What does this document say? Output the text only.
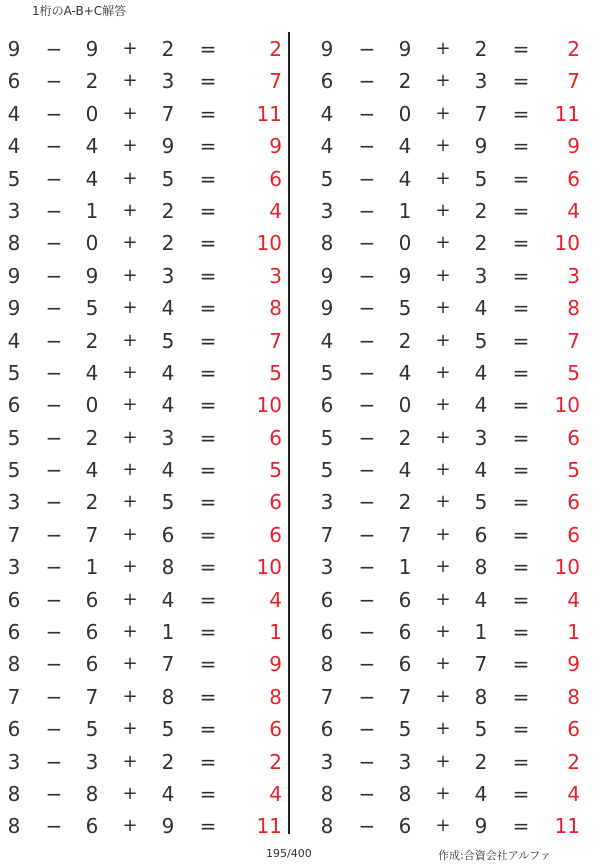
1桁のA-B+C解答
9	−	9	+	2	=	2
6	−	2	+	3	=	7
4	−	0	+	7	=	11
4	−	4	+	9	=	9
5	−	4	+	5	=	6
3	−	1	+	2	=	4
8	−	0	+	2	=	10
9	−	9	+	3	=	3
9	−	5	+	4	=	8
4	−	2	+	5	=	7
5	−	4	+	4	=	5
6	−	0	+	4	=	10
5	−	2	+	3	=	6
5	−	4	+	4	=	5
3	−	2	+	5	=	6
7	−	7	+	6	=	6
3	−	1	+	8	=	10
6	−	6	+	4	=	4
6	−	6	+	1	=	1
8	−	6	+	7	=	9
7	−	7	+	8	=	8
6	−	5	+	5	=	6
3	−	3	+	2	=	2
8	−	8	+	4	=	4
8	−	6	+	9	=	11
9	−	9	+	2	=	2
6	−	2	+	3	=	7
4	−	0	+	7	=	11
4	−	4	+	9	=	9
5	−	4	+	5	=	6
3	−	1	+	2	=	4
8	−	0	+	2	=	10
9	−	9	+	3	=	3
9	−	5	+	4	=	8
4	−	2	+	5	=	7
5	−	4	+	4	=	5
6	−	0	+	4	=	10
5	−	2	+	3	=	6
5	−	4	+	4	=	5
3	−	2	+	5	=	6
7	−	7	+	6	=	6
3	−	1	+	8	=	10
6	−	6	+	4	=	4
6	−	6	+	1	=	1
8	−	6	+	7	=	9
7	−	7	+	8	=	8
6	−	5	+	5	=	6
3	−	3	+	2	=	2
8	−	8	+	4	=	4
8	−	6	+	9	=	11
195/400	作成:合資会社アルファ
